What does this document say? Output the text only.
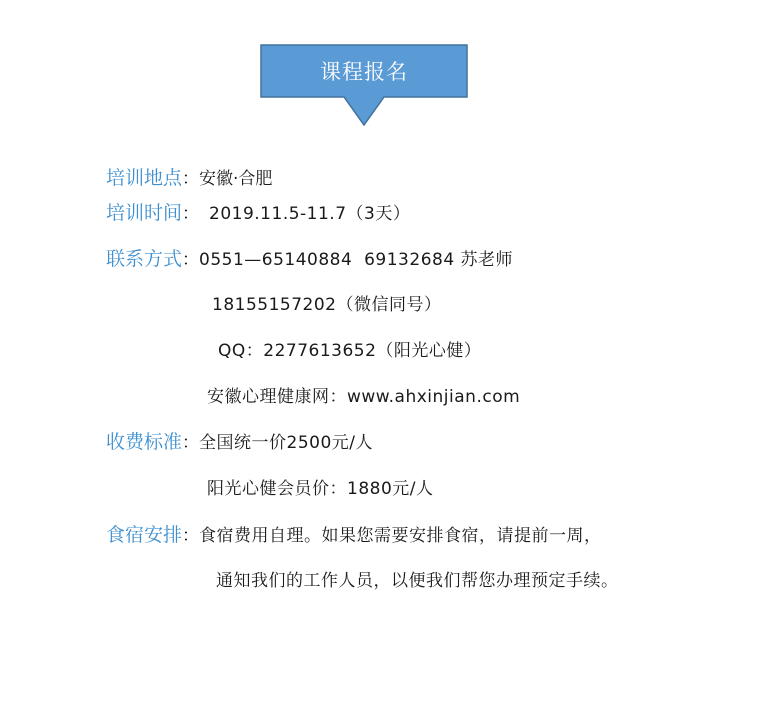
课程报名
培训地点：安徽·合肥
培训时间： 2019.11.5-11.7（3天）
联系方式：0551—65140884  69132684 苏老师
18155157202（微信同号）
QQ：2277613652（阳光心健）
安徽心理健康网：www.ahxinjian.com
收费标准：全国统一价2500元/人
阳光心健会员价：1880元/人
食宿安排：食宿费用自理。如果您需要安排食宿，请提前一周，
通知我们的工作人员，以便我们帮您办理预定手续。
